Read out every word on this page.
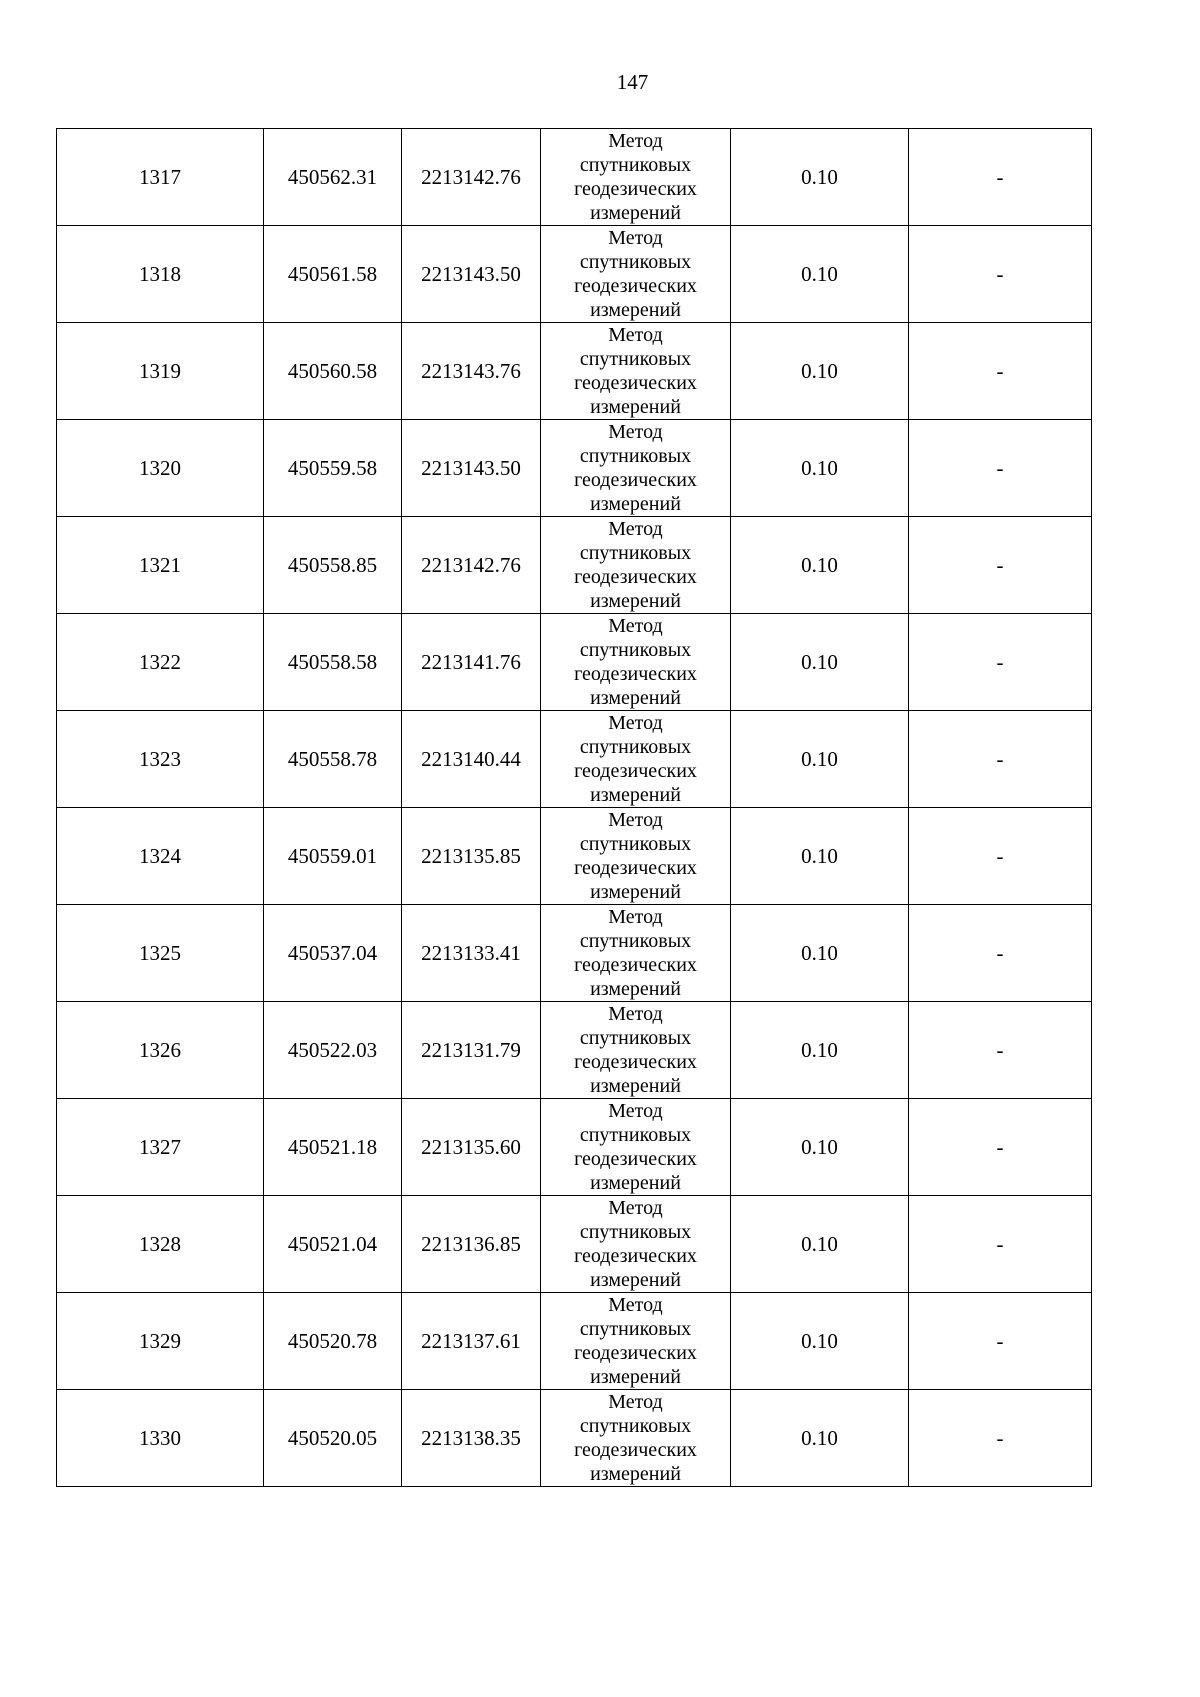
147
1317	450562.31	2213142.76	Метод
спутниковых
геодезических
измерений	0.10	-
1318	450561.58	2213143.50	Метод
спутниковых
геодезических
измерений	0.10	-
1319	450560.58	2213143.76	Метод
спутниковых
геодезических
измерений	0.10	-
1320	450559.58	2213143.50	Метод
спутниковых
геодезических
измерений	0.10	-
1321	450558.85	2213142.76	Метод
спутниковых
геодезических
измерений	0.10	-
1322	450558.58	2213141.76	Метод
спутниковых
геодезических
измерений	0.10	-
1323	450558.78	2213140.44	Метод
спутниковых
геодезических
измерений	0.10	-
1324	450559.01	2213135.85	Метод
спутниковых
геодезических
измерений	0.10	-
1325	450537.04	2213133.41	Метод
спутниковых
геодезических
измерений	0.10	-
1326	450522.03	2213131.79	Метод
спутниковых
геодезических
измерений	0.10	-
1327	450521.18	2213135.60	Метод
спутниковых
геодезических
измерений	0.10	-
1328	450521.04	2213136.85	Метод
спутниковых
геодезических
измерений	0.10	-
1329	450520.78	2213137.61	Метод
спутниковых
геодезических
измерений	0.10	-
1330	450520.05	2213138.35	Метод
спутниковых
геодезических
измерений	0.10	-
